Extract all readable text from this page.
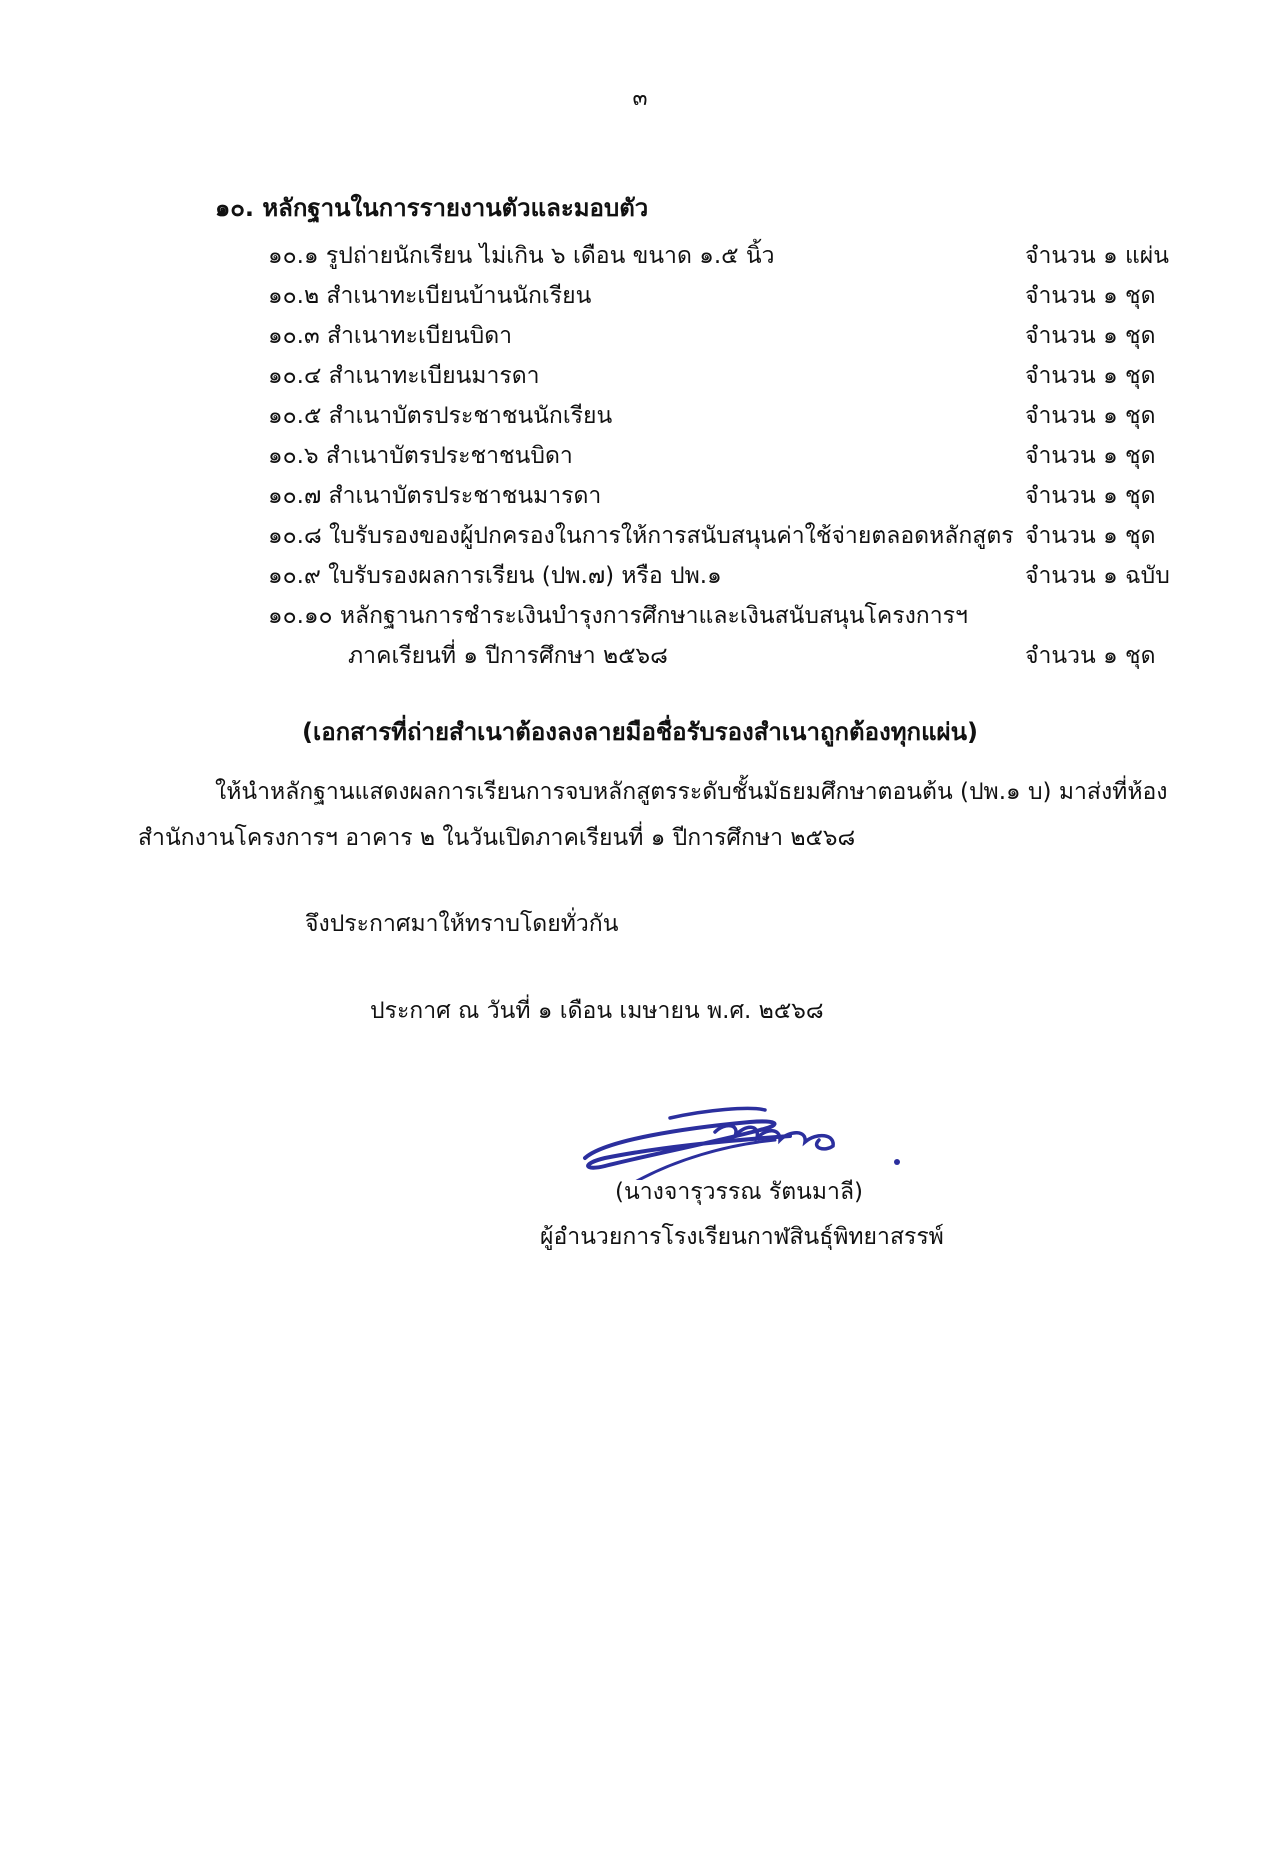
๓
๑๐. หลักฐานในการรายงานตัวและมอบตัว
๑๐.๑ รูปถ่ายนักเรียน ไม่เกิน ๖ เดือน ขนาด ๑.๕ นิ้ว	จำนวน ๑ แผ่น
๑๐.๒ สำเนาทะเบียนบ้านนักเรียน	จำนวน ๑ ชุด
๑๐.๓ สำเนาทะเบียนบิดา	จำนวน ๑ ชุด
๑๐.๔ สำเนาทะเบียนมารดา	จำนวน ๑ ชุด
๑๐.๕ สำเนาบัตรประชาชนนักเรียน	จำนวน ๑ ชุด
๑๐.๖ สำเนาบัตรประชาชนบิดา	จำนวน ๑ ชุด
๑๐.๗ สำเนาบัตรประชาชนมารดา	จำนวน ๑ ชุด
๑๐.๘ ใบรับรองของผู้ปกครองในการให้การสนับสนุนค่าใช้จ่ายตลอดหลักสูตร จำนวน ๑ ชุด
๑๐.๙ ใบรับรองผลการเรียน (ปพ.๗) หรือ ปพ.๑	จำนวน ๑ ฉบับ
๑๐.๑๐ หลักฐานการชำระเงินบำรุงการศึกษาและเงินสนับสนุนโครงการฯ
ภาคเรียนที่ ๑ ปีการศึกษา ๒๕๖๘	จำนวน ๑ ชุด
(เอกสารที่ถ่ายสำเนาต้องลงลายมือชื่อรับรองสำเนาถูกต้องทุกแผ่น)
ให้นำหลักฐานแสดงผลการเรียนการจบหลักสูตรระดับชั้นมัธยมศึกษาตอนต้น (ปพ.๑ บ) มาส่งที่ห้อง
สำนักงานโครงการฯ อาคาร ๒ ในวันเปิดภาคเรียนที่ ๑ ปีการศึกษา ๒๕๖๘
จึงประกาศมาให้ทราบโดยทั่วกัน
ประกาศ ณ วันที่ ๑ เดือน เมษายน พ.ศ. ๒๕๖๘
(นางจารุวรรณ รัตนมาลี)
ผู้อำนวยการโรงเรียนกาฬสินธุ์พิทยาสรรพ์
